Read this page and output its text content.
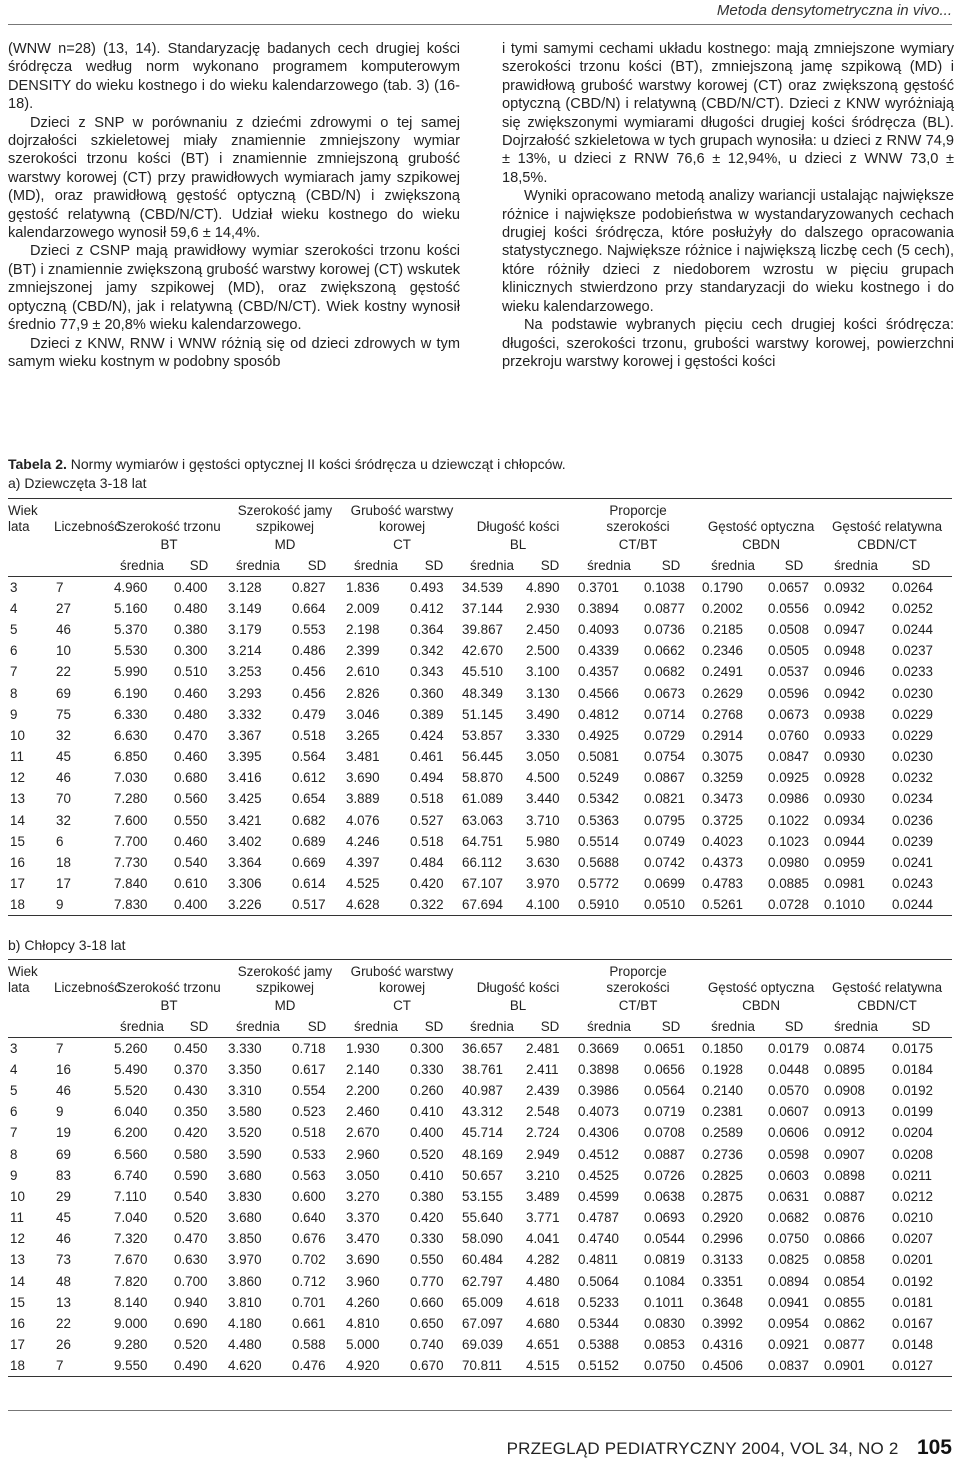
Metoda densytometryczna in vivo...

(WNW n=28) (13, 14). Standaryzację badanych cech drugiej kości śródręcza według norm wykonano programem komputerowym DENSITY do wieku kostnego i do wieku kalendarzowego (tab. 3) (16-18).

Dzieci z SNP w porównaniu z dziećmi zdrowymi o tej samej dojrzałości szkieletowej miały znamiennie zmniejszony wymiar szerokości trzonu kości (BT) i znamiennie zmniejszoną grubość warstwy korowej (CT) przy prawidłowych wymiarach jamy szpikowej (MD), oraz prawidłową gęstość optyczną (CBD/N) i zwiększoną gęstość relatywną (CBD/N/CT). Udział wieku kostnego do wieku kalendarzowego wynosił 59,6 ± 14,4%.

Dzieci z CSNP mają prawidłowy wymiar szerokości trzonu kości (BT) i znamiennie zwiększoną grubość warstwy korowej (CT) wskutek zmniejszonej jamy szpikowej (MD), oraz zwiększoną gęstość optyczną (CBD/N), jak i relatywną (CBD/N/CT). Wiek kostny wynosił średnio 77,9 ± 20,8% wieku kalendarzowego.

Dzieci z KNW, RNW i WNW różnią się od dzieci zdrowych w tym samym wieku kostnym w podobny sposób

i tymi samymi cechami układu kostnego: mają zmniejszone wymiary szerokości trzonu kości (BT), zmniejszoną jamę szpikową (MD) i prawidłową grubość warstwy korowej (CT) oraz zwiększoną gęstość optyczną (CBD/N) i relatywną (CBD/N/CT). Dzieci z KNW wyróżniają się zwiększonymi wymiarami długości drugiej kości śródręcza (BL). Dojrzałość szkieletowa w tych grupach wynosiła: u dzieci z RNW 74,9 ± 13%, u dzieci z RNW 76,6 ± 12,94%, u dzieci z WNW 73,0 ± 18,5%.

Wyniki opracowano metodą analizy wariancji ustalając największe różnice i największe podobieństwa w wystandaryzowanych cechach drugiej kości śródręcza, które posłużyły do dalszego opracowania statystycznego. Największe różnice i największą liczbę cech (5 cech), które różniły dzieci z niedoborem wzrostu w pięciu grupach klinicznych stwierdzono przy standaryzacji do wieku kostnego i do wieku kalendarzowego.

Na podstawie wybranych pięciu cech drugiej kości śródręcza: długości, szerokości trzonu, grubości warstwy korowej, powierzchni przekroju warstwy korowej i gęstości kości

Tabela 2. Normy wymiarów i gęstości optycznej II kości śródręcza u dziewcząt i chłopców.
a) Dziewczęta 3-18 lat
Wiek lata	Liczebność	Szerokość trzonu		Szerokość jamy szpikowej		Grubość warstwy korowej		Długość kości		Proporcje szerokości		Gęstość optyczna		Gęstość relatywna	
		BT		MD		CT		BL		CT/BT		CBDN		CBDN/CT	
		średnia	SD	średnia	SD	średnia	SD	średnia	SD	średnia	SD	średnia	SD	średnia	SD
3	7	4.960	0.400	3.128	0.827	1.836	0.493	34.539	4.890	0.3701	0.1038	0.1790	0.0657	0.0932	0.0264
4	27	5.160	0.480	3.149	0.664	2.009	0.412	37.144	2.930	0.3894	0.0877	0.2002	0.0556	0.0942	0.0252
5	46	5.370	0.380	3.179	0.553	2.198	0.364	39.867	2.450	0.4093	0.0736	0.2185	0.0508	0.0947	0.0244
6	10	5.530	0.300	3.214	0.486	2.399	0.342	42.670	2.500	0.4339	0.0662	0.2346	0.0505	0.0948	0.0237
7	22	5.990	0.510	3.253	0.456	2.610	0.343	45.510	3.100	0.4357	0.0682	0.2491	0.0537	0.0946	0.0233
8	69	6.190	0.460	3.293	0.456	2.826	0.360	48.349	3.130	0.4566	0.0673	0.2629	0.0596	0.0942	0.0230
9	75	6.330	0.480	3.332	0.479	3.046	0.389	51.145	3.490	0.4812	0.0714	0.2768	0.0673	0.0938	0.0229
10	32	6.630	0.470	3.367	0.518	3.265	0.424	53.857	3.330	0.4925	0.0729	0.2914	0.0760	0.0933	0.0229
11	45	6.850	0.460	3.395	0.564	3.481	0.461	56.445	3.050	0.5081	0.0754	0.3075	0.0847	0.0930	0.0230
12	46	7.030	0.680	3.416	0.612	3.690	0.494	58.870	4.500	0.5249	0.0867	0.3259	0.0925	0.0928	0.0232
13	70	7.280	0.560	3.425	0.654	3.889	0.518	61.089	3.440	0.5342	0.0821	0.3473	0.0986	0.0930	0.0234
14	32	7.600	0.550	3.421	0.682	4.076	0.527	63.063	3.710	0.5363	0.0795	0.3725	0.1022	0.0934	0.0236
15	6	7.700	0.460	3.402	0.689	4.246	0.518	64.751	5.980	0.5514	0.0749	0.4023	0.1023	0.0944	0.0239
16	18	7.730	0.540	3.364	0.669	4.397	0.484	66.112	3.630	0.5688	0.0742	0.4373	0.0980	0.0959	0.0241
17	17	7.840	0.610	3.306	0.614	4.525	0.420	67.107	3.970	0.5772	0.0699	0.4783	0.0885	0.0981	0.0243
18	9	7.830	0.400	3.226	0.517	4.628	0.322	67.694	4.100	0.5910	0.0510	0.5261	0.0728	0.1010	0.0244
b) Chłopcy 3-18 lat
Wiek lata	Liczebność	Szerokość trzonu		Szerokość jamy szpikowej		Grubość warstwy korowej		Długość kości		Proporcje szerokości		Gęstość optyczna		Gęstość relatywna	
		BT		MD		CT		BL		CT/BT		CBDN		CBDN/CT	
		średnia	SD	średnia	SD	średnia	SD	średnia	SD	średnia	SD	średnia	SD	średnia	SD
3	7	5.260	0.450	3.330	0.718	1.930	0.300	36.657	2.481	0.3669	0.0651	0.1850	0.0179	0.0874	0.0175
4	16	5.490	0.370	3.350	0.617	2.140	0.330	38.761	2.411	0.3898	0.0656	0.1928	0.0448	0.0895	0.0184
5	46	5.520	0.430	3.310	0.554	2.200	0.260	40.987	2.439	0.3986	0.0564	0.2140	0.0570	0.0908	0.0192
6	9	6.040	0.350	3.580	0.523	2.460	0.410	43.312	2.548	0.4073	0.0719	0.2381	0.0607	0.0913	0.0199
7	19	6.200	0.420	3.520	0.518	2.670	0.400	45.714	2.724	0.4306	0.0708	0.2589	0.0606	0.0912	0.0204
8	69	6.560	0.580	3.590	0.533	2.960	0.520	48.169	2.949	0.4512	0.0887	0.2736	0.0598	0.0907	0.0208
9	83	6.740	0.590	3.680	0.563	3.050	0.410	50.657	3.210	0.4525	0.0726	0.2825	0.0603	0.0898	0.0211
10	29	7.110	0.540	3.830	0.600	3.270	0.380	53.155	3.489	0.4599	0.0638	0.2875	0.0631	0.0887	0.0212
11	45	7.040	0.520	3.680	0.640	3.370	0.420	55.640	3.771	0.4787	0.0693	0.2920	0.0682	0.0876	0.0210
12	46	7.320	0.470	3.850	0.676	3.470	0.330	58.090	4.041	0.4740	0.0544	0.2996	0.0750	0.0866	0.0207
13	73	7.670	0.630	3.970	0.702	3.690	0.550	60.484	4.282	0.4811	0.0819	0.3133	0.0825	0.0858	0.0201
14	48	7.820	0.700	3.860	0.712	3.960	0.770	62.797	4.480	0.5064	0.1084	0.3351	0.0894	0.0854	0.0192
15	13	8.140	0.940	3.810	0.701	4.260	0.660	65.009	4.618	0.5233	0.1011	0.3648	0.0941	0.0855	0.0181
16	22	9.000	0.690	4.180	0.661	4.810	0.650	67.097	4.680	0.5344	0.0830	0.3992	0.0954	0.0862	0.0167
17	26	9.280	0.520	4.480	0.588	5.000	0.740	69.039	4.651	0.5388	0.0853	0.4316	0.0921	0.0877	0.0148
18	7	9.550	0.490	4.620	0.476	4.920	0.670	70.811	4.515	0.5152	0.0750	0.4506	0.0837	0.0901	0.0127
PRZEGLĄD PEDIATRYCZNY 2004, VOL 34, NO 2 105
